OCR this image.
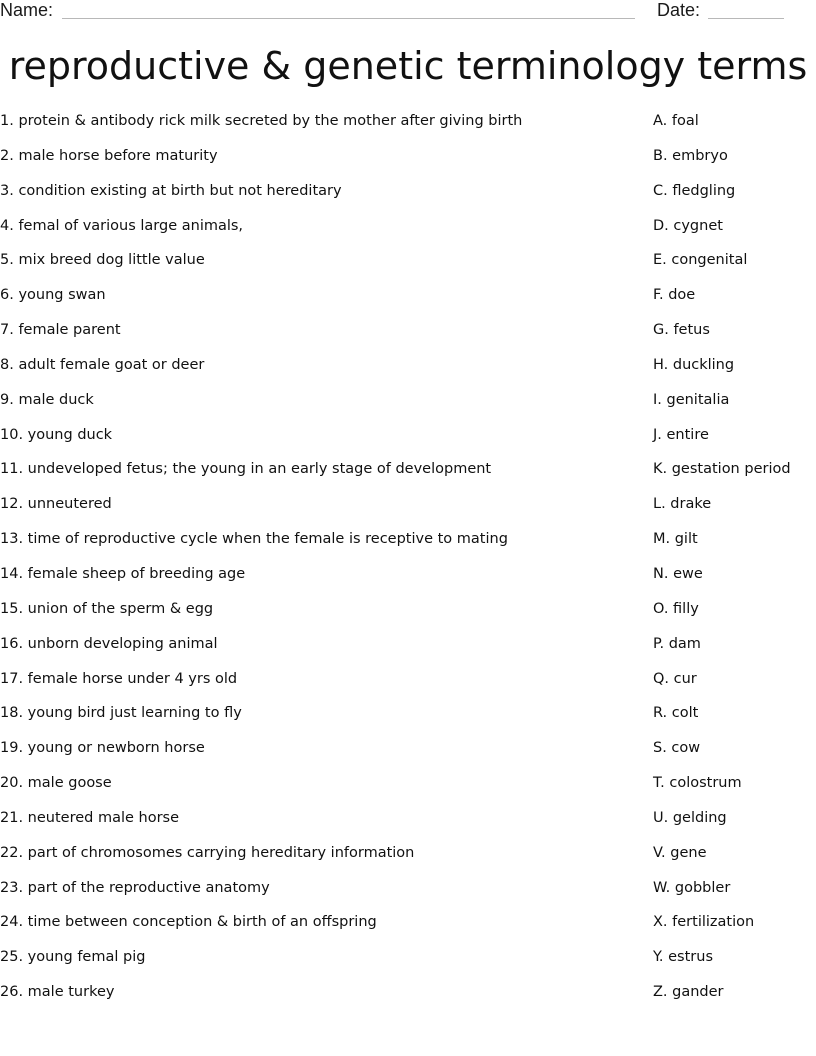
Name:	Date:
reproductive & genetic terminology terms
1. protein & antibody rick milk secreted by the mother after giving birth	A. foal
2. male horse before maturity	B. embryo
3. condition existing at birth but not hereditary	C. fledgling
4. femal of various large animals,	D. cygnet
5. mix breed dog little value	E. congenital
6. young swan	F. doe
7. female parent	G. fetus
8. adult female goat or deer	H. duckling
9. male duck	I. genitalia
10. young duck	J. entire
11. undeveloped fetus; the young in an early stage of development	K. gestation period
12. unneutered	L. drake
13. time of reproductive cycle when the female is receptive to mating	M. gilt
14. female sheep of breeding age	N. ewe
15. union of the sperm & egg	O. filly
16. unborn developing animal	P. dam
17. female horse under 4 yrs old	Q. cur
18. young bird just learning to fly	R. colt
19. young or newborn horse	S. cow
20. male goose	T. colostrum
21. neutered male horse	U. gelding
22. part of chromosomes carrying hereditary information	V. gene
23. part of the reproductive anatomy	W. gobbler
24. time between conception & birth of an offspring	X. fertilization
25. young femal pig	Y. estrus
26. male turkey	Z. gander
